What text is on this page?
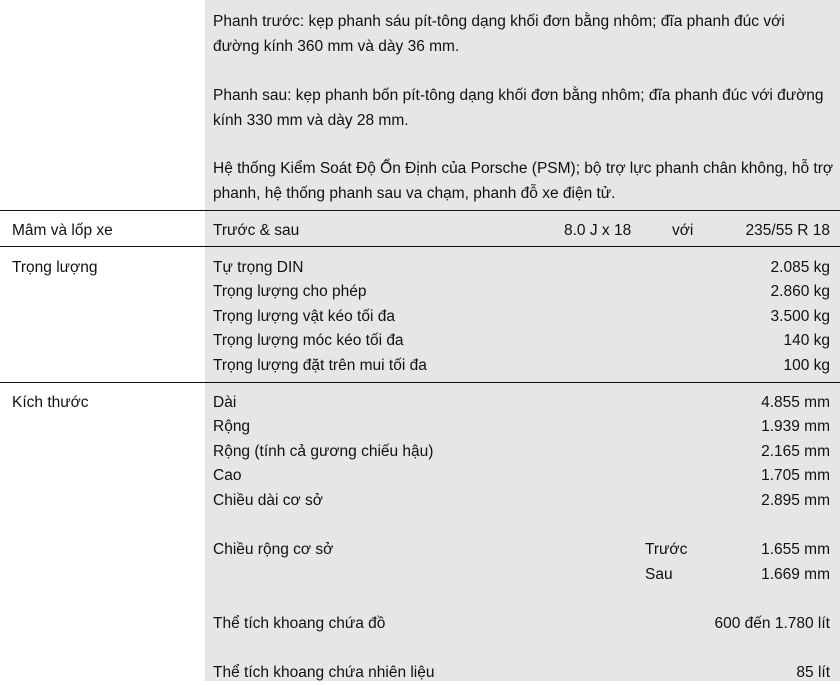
Phanh trước: kẹp phanh sáu pít-tông dạng khối đơn bằng nhôm; đĩa phanh đúc với đường kính 360 mm và dày 36 mm.
Phanh sau: kẹp phanh bốn pít-tông dạng khối đơn bằng nhôm; đĩa phanh đúc với đường kính 330 mm và dày 28 mm.
Hệ thống Kiểm Soát Độ Ổn Định của Porsche (PSM); bộ trợ lực phanh chân không, hỗ trợ phanh, hệ thống phanh sau va chạm, phanh đỗ xe điện tử.
Mâm và lốp xe	Trước & sau	8.0 J x 18	với	235/55 R 18
Trọng lượng	Tự trọng DIN	2.085 kg
Trọng lượng cho phép	2.860 kg
Trọng lượng vật kéo tối đa	3.500 kg
Trọng lượng móc kéo tối đa	140 kg
Trọng lượng đặt trên mui tối đa	100 kg
Kích thước	Dài	4.855 mm
Rộng	1.939 mm
Rộng (tính cả gương chiếu hậu)	2.165 mm
Cao	1.705 mm
Chiều dài cơ sở	2.895 mm
Chiều rộng cơ sở	Trước	1.655 mm
Sau	1.669 mm
Thể tích khoang chứa đồ	600 đến 1.780 lít
Thể tích khoang chứa nhiên liệu	85 lít
